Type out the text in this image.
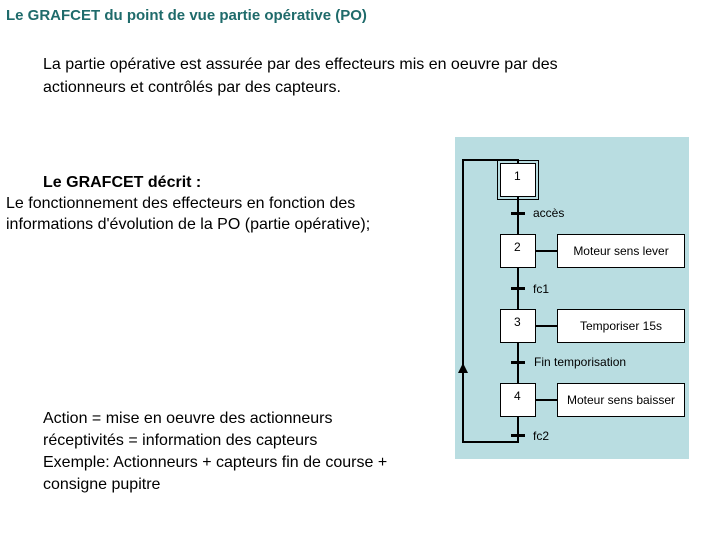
Le GRAFCET du point de vue partie opérative (PO)
La partie opérative est assurée par des effecteurs mis en oeuvre par des
actionneurs et contrôlés par des capteurs.
Le GRAFCET décrit :
Le fonctionnement des effecteurs en fonction des
informations d'évolution de la PO (partie opérative);
Action = mise en oeuvre des actionneurs
réceptivités = information des capteurs
Exemple: Actionneurs + capteurs fin de course +
consigne pupitre
1
accès
2	Moteur sens lever
fc1
3	Temporiser 15s
Fin temporisation
4	Moteur sens baisser
fc2
